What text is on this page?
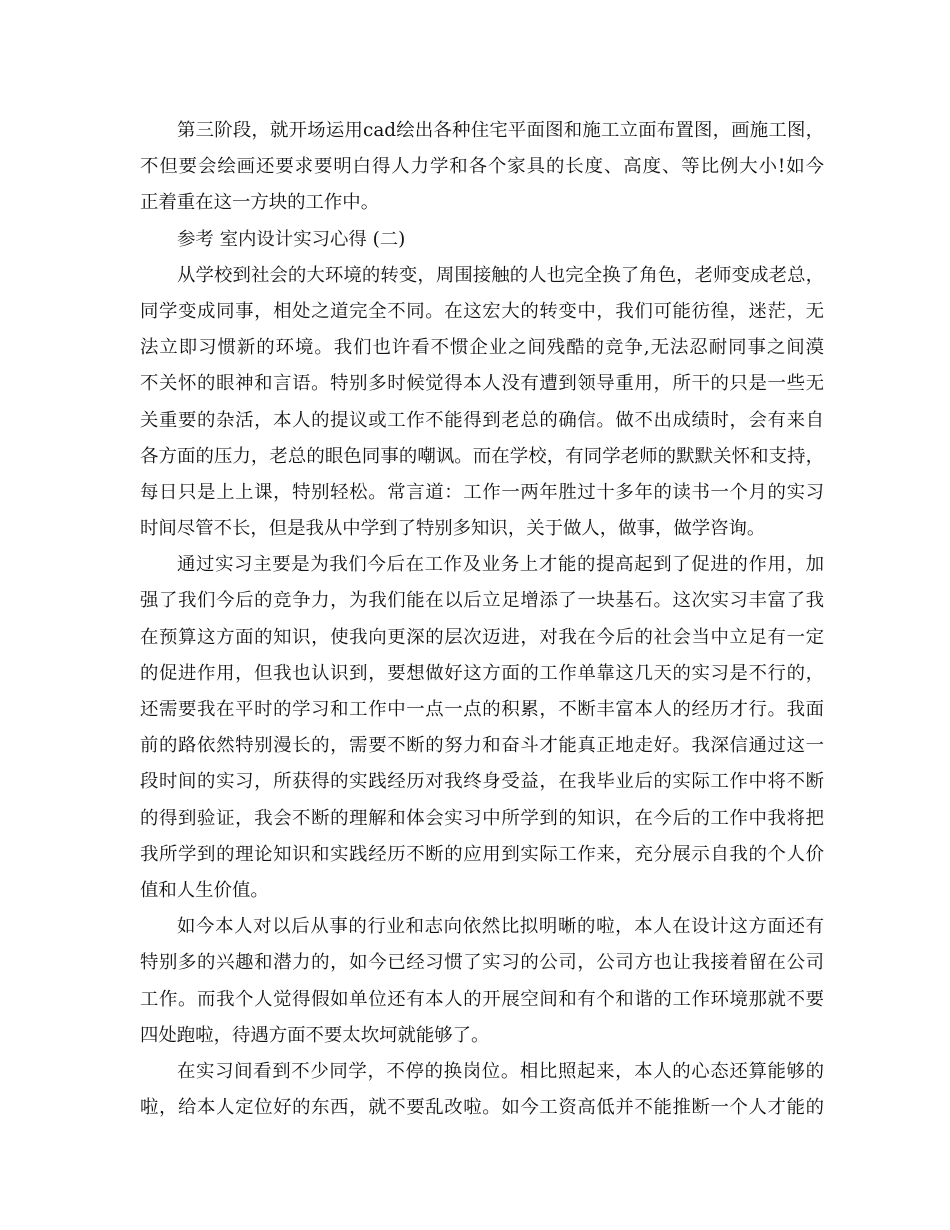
第三阶段，就开场运用cad绘出各种住宅平面图和施工立面布置图，画施工图，
不但要会绘画还要求要明白得人力学和各个家具的长度、高度、等比例大小!如今
正着重在这一方块的工作中。
参考 室内设计实习心得 (二)
从学校到社会的大环境的转变，周围接触的人也完全换了角色，老师变成老总，
同学变成同事，相处之道完全不同。在这宏大的转变中，我们可能彷徨，迷茫，无
法立即习惯新的环境。我们也许看不惯企业之间残酷的竞争,无法忍耐同事之间漠
不关怀的眼神和言语。特别多时候觉得本人没有遭到领导重用，所干的只是一些无
关重要的杂活，本人的提议或工作不能得到老总的确信。做不出成绩时，会有来自
各方面的压力，老总的眼色同事的嘲讽。而在学校，有同学老师的默默关怀和支持，
每日只是上上课，特别轻松。常言道：工作一两年胜过十多年的读书一个月的实习
时间尽管不长，但是我从中学到了特别多知识，关于做人，做事，做学咨询。
通过实习主要是为我们今后在工作及业务上才能的提高起到了促进的作用，加
强了我们今后的竞争力，为我们能在以后立足增添了一块基石。这次实习丰富了我
在预算这方面的知识，使我向更深的层次迈进，对我在今后的社会当中立足有一定
的促进作用，但我也认识到，要想做好这方面的工作单靠这几天的实习是不行的，
还需要我在平时的学习和工作中一点一点的积累，不断丰富本人的经历才行。我面
前的路依然特别漫长的，需要不断的努力和奋斗才能真正地走好。我深信通过这一
段时间的实习，所获得的实践经历对我终身受益，在我毕业后的实际工作中将不断
的得到验证，我会不断的理解和体会实习中所学到的知识，在今后的工作中我将把
我所学到的理论知识和实践经历不断的应用到实际工作来，充分展示自我的个人价
值和人生价值。
如今本人对以后从事的行业和志向依然比拟明晰的啦，本人在设计这方面还有
特别多的兴趣和潜力的，如今已经习惯了实习的公司，公司方也让我接着留在公司
工作。而我个人觉得假如单位还有本人的开展空间和有个和谐的工作环境那就不要
四处跑啦，待遇方面不要太坎坷就能够了。
在实习间看到不少同学，不停的换岗位。相比照起来，本人的心态还算能够的
啦，给本人定位好的东西，就不要乱改啦。如今工资高低并不能推断一个人才能的
